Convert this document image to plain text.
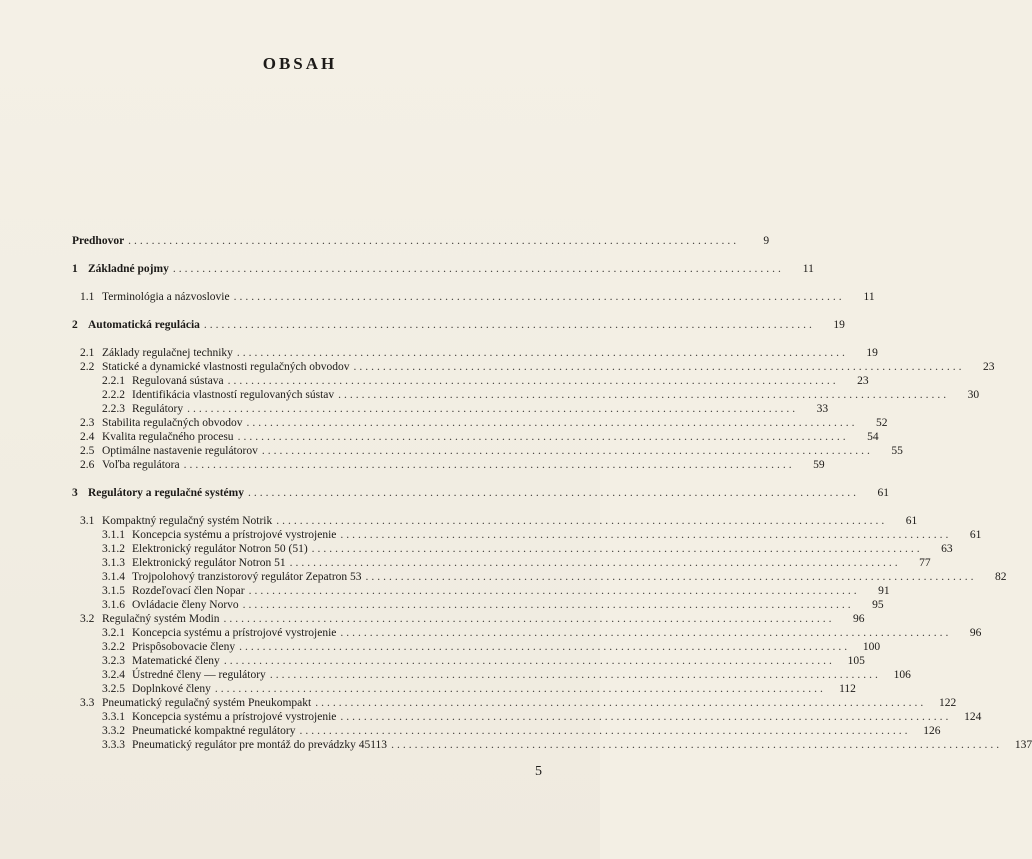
OBSAH
Predhovor ........................................................................................................	9
1 Základné pojmy ........................................................................................................	11
1.1 Terminológia a názvoslovie ........................................................................................................	11
2 Automatická regulácia ........................................................................................................	19
2.1 Základy regulačnej techniky ........................................................................................................	19
2.2 Statické a dynamické vlastnosti regulačných obvodov ........................................................................................................	23
2.2.1 Regulovaná sústava ........................................................................................................	23
2.2.2 Identifikácia vlastností regulovaných sústav ........................................................................................................	30
2.2.3 Regulátory ........................................................................................................	33
2.3 Stabilita regulačných obvodov ........................................................................................................	52
2.4 Kvalita regulačného procesu ........................................................................................................	54
2.5 Optimálne nastavenie regulátorov ........................................................................................................	55
2.6 Voľba regulátora ........................................................................................................	59
3 Regulátory a regulačné systémy ........................................................................................................	61
3.1 Kompaktný regulačný systém Notrik ........................................................................................................	61
3.1.1 Koncepcia systému a prístrojové vystrojenie ........................................................................................................	61
3.1.2 Elektronický regulátor Notron 50 (51) ........................................................................................................	63
3.1.3 Elektronický regulátor Notron 51 ........................................................................................................	77
3.1.4 Trojpolohový tranzistorový regulátor Zepatron 53 ........................................................................................................	82
3.1.5 Rozdeľovací člen Nopar ........................................................................................................	91
3.1.6 Ovládacie členy Norvo ........................................................................................................	95
3.2 Regulačný systém Modin ........................................................................................................	96
3.2.1 Koncepcia systému a prístrojové vystrojenie ........................................................................................................	96
3.2.2 Prispôsobovacie členy ........................................................................................................	100
3.2.3 Matematické členy ........................................................................................................	105
3.2.4 Ústredné členy — regulátory ........................................................................................................	106
3.2.5 Doplnkové členy ........................................................................................................	112
3.3 Pneumatický regulačný systém Pneukompakt ........................................................................................................	122
3.3.1 Koncepcia systému a prístrojové vystrojenie ........................................................................................................	124
3.3.2 Pneumatické kompaktné regulátory ........................................................................................................	126
3.3.3 Pneumatický regulátor pre montáž do prevádzky 45113 ........................................................................................................	137
5
